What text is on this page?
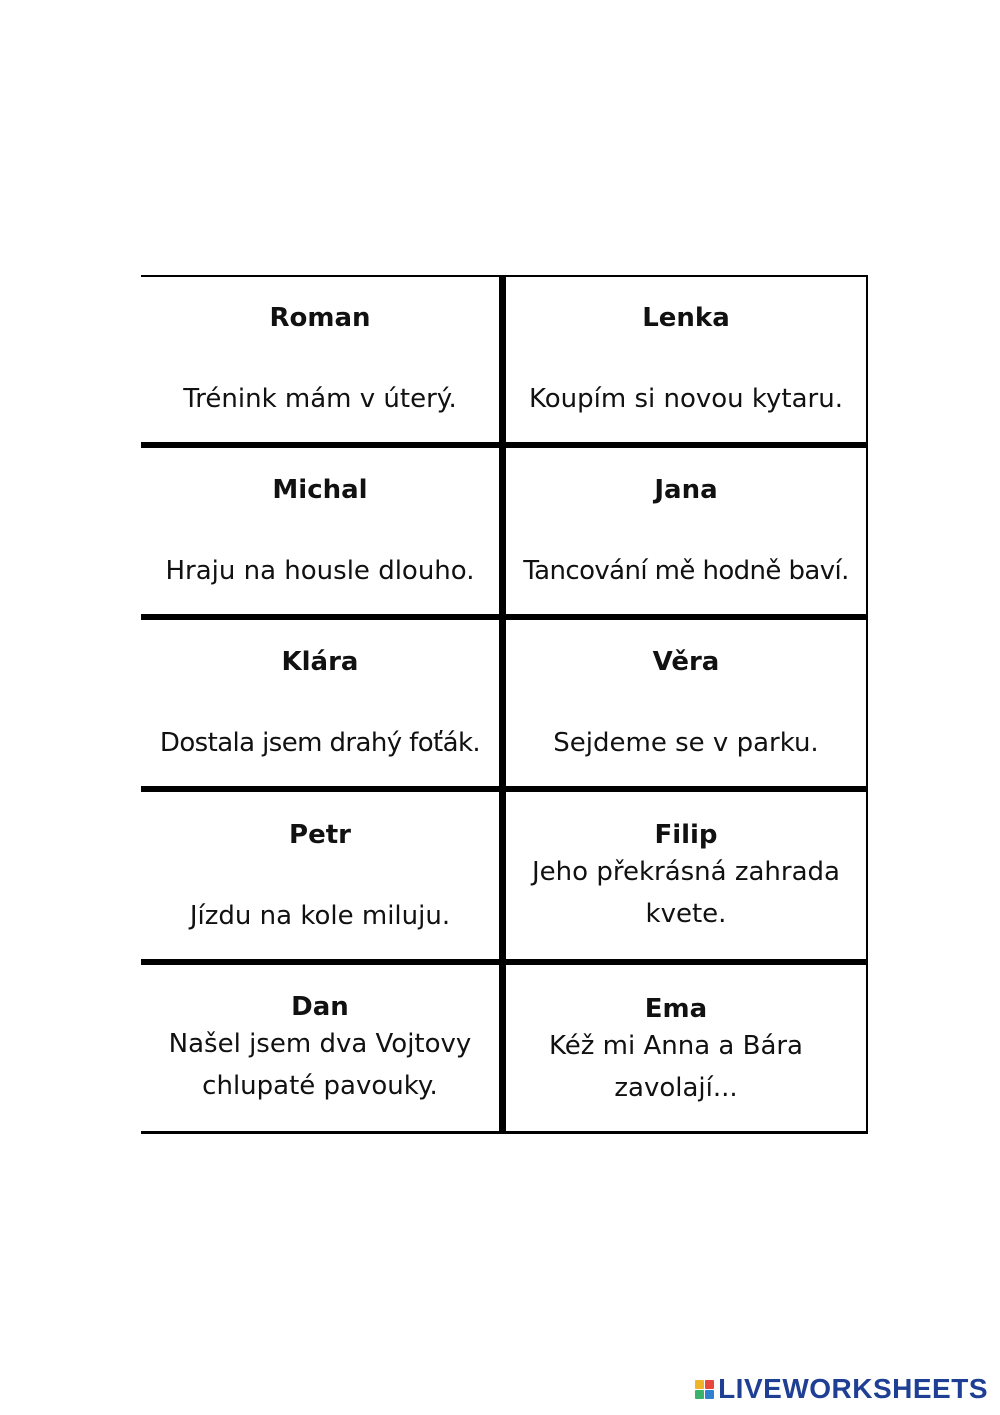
Roman
Trénink mám v úterý.
Lenka
Koupím si novou kytaru.
Michal
Hraju na housle dlouho.
Jana
Tancování mě hodně baví.
Klára
Dostala jsem drahý foťák.
Věra
Sejdeme se v parku.
Petr
Jízdu na kole miluju.
Filip
Jeho překrásná zahrada
kvete.
Dan
Našel jsem dva Vojtovy
chlupaté pavouky.
Ema
Kéž mi Anna a Bára
zavolají...
LIVEWORKSHEETS
